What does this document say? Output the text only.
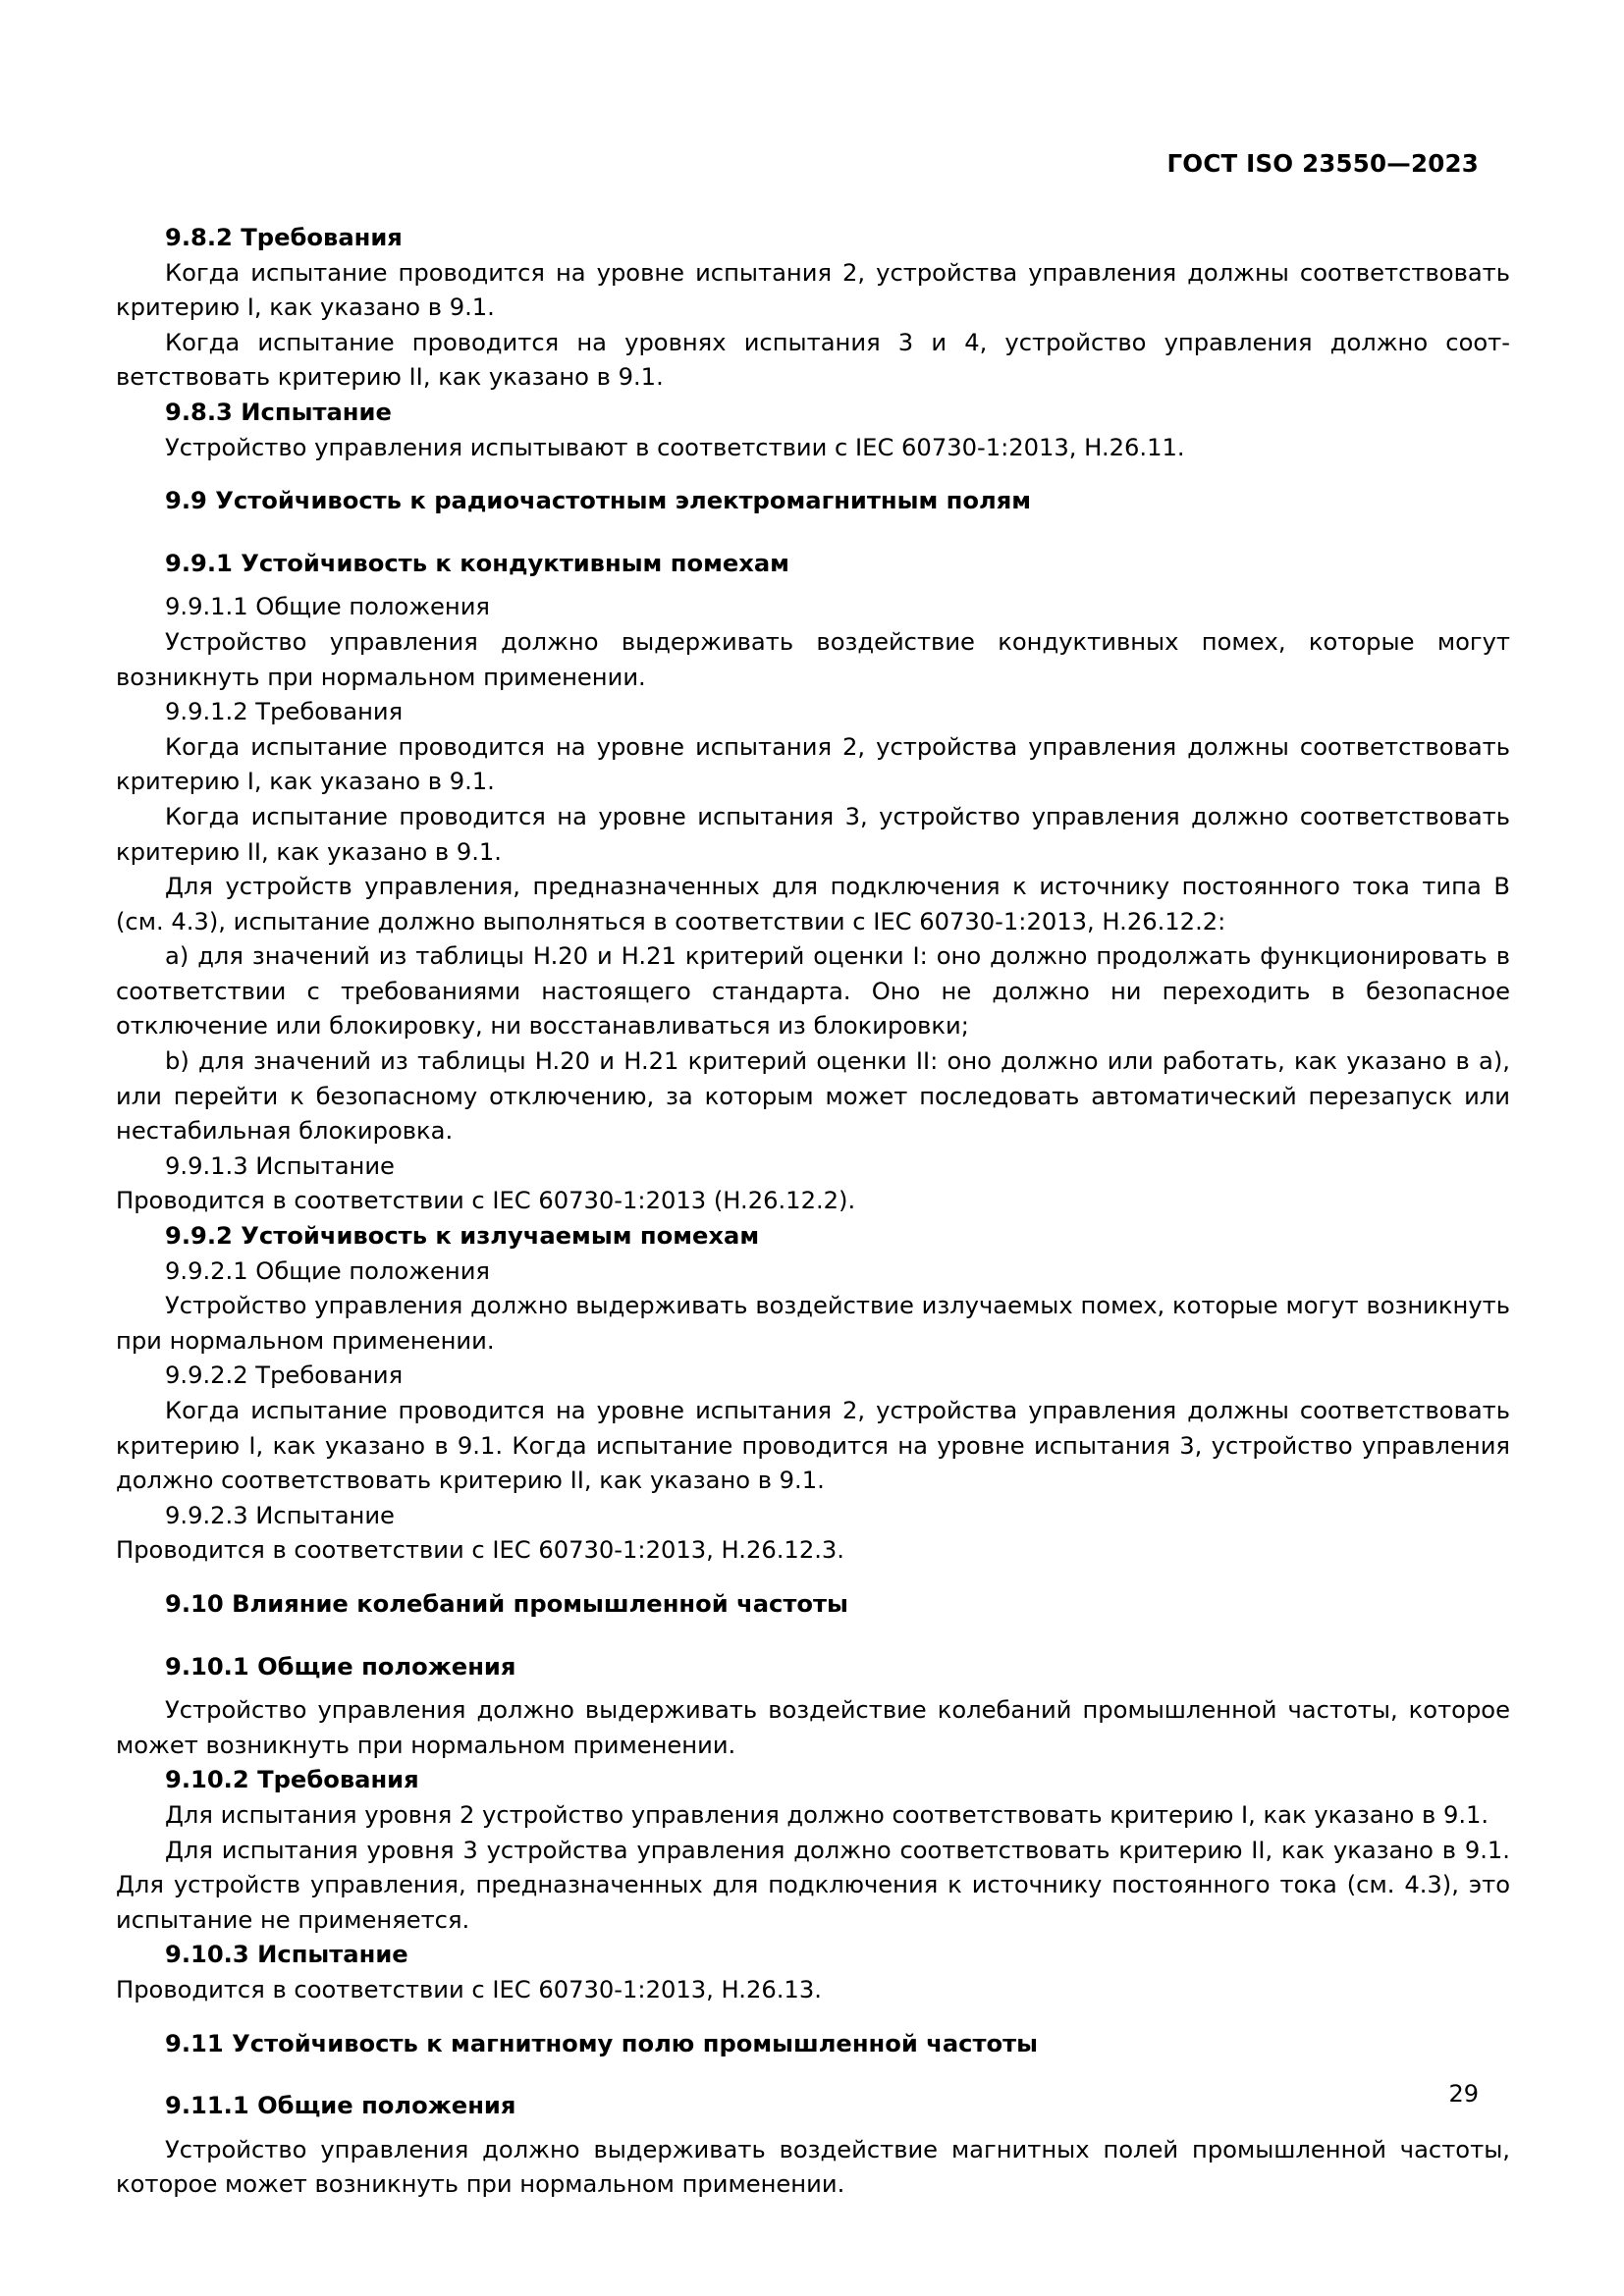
ГОСТ ISO 23550—2023

9.8.2 Требования

Когда испытание проводится на уровне испытания 2, устройства управления должны соответствовать критерию I, как указано в 9.1.

Когда испытание проводится на уровнях испытания 3 и 4, устройство управления должно соответствовать критерию II, как указано в 9.1.

9.8.3 Испытание

Устройство управления испытывают в соответствии с IEC 60730-1:2013, H.26.11.

9.9 Устойчивость к радиочастотным электромагнитным полям

9.9.1 Устойчивость к кондуктивным помехам

9.9.1.1 Общие положения

Устройство управления должно выдерживать воздействие кондуктивных помех, которые могут возникнуть при нормальном применении.

9.9.1.2 Требования

Когда испытание проводится на уровне испытания 2, устройства управления должны соответствовать критерию I, как указано в 9.1.

Когда испытание проводится на уровне испытания 3, устройство управления должно соответствовать критерию II, как указано в 9.1.

Для устройств управления, предназначенных для подключения к источнику постоянного тока типа B (см. 4.3), испытание должно выполняться в соответствии с IEC 60730-1:2013, H.26.12.2:

a) для значений из таблицы H.20 и H.21 критерий оценки I: оно должно продолжать функционировать в соответствии с требованиями настоящего стандарта. Оно не должно ни переходить в безопасное отключение или блокировку, ни восстанавливаться из блокировки;

b) для значений из таблицы H.20 и H.21 критерий оценки II: оно должно или работать, как указано в a), или перейти к безопасному отключению, за которым может последовать автоматический перезапуск или нестабильная блокировка.

9.9.1.3 Испытание

Проводится в соответствии с IEC 60730-1:2013 (H.26.12.2).

9.9.2 Устойчивость к излучаемым помехам

9.9.2.1 Общие положения

Устройство управления должно выдерживать воздействие излучаемых помех, которые могут возникнуть при нормальном применении.

9.9.2.2 Требования

Когда испытание проводится на уровне испытания 2, устройства управления должны соответствовать критерию I, как указано в 9.1. Когда испытание проводится на уровне испытания 3, устройство управления должно соответствовать критерию II, как указано в 9.1.

9.9.2.3 Испытание

Проводится в соответствии с IEC 60730-1:2013, H.26.12.3.

9.10 Влияние колебаний промышленной частоты

9.10.1 Общие положения

Устройство управления должно выдерживать воздействие колебаний промышленной частоты, которое может возникнуть при нормальном применении.

9.10.2 Требования

Для испытания уровня 2 устройство управления должно соответствовать критерию I, как указано в 9.1.

Для испытания уровня 3 устройства управления должно соответствовать критерию II, как указано в 9.1. Для устройств управления, предназначенных для подключения к источнику постоянного тока (см. 4.3), это испытание не применяется.

9.10.3 Испытание

Проводится в соответствии с IEC 60730-1:2013, H.26.13.

9.11 Устойчивость к магнитному полю промышленной частоты

9.11.1 Общие положения

Устройство управления должно выдерживать воздействие магнитных полей промышленной частоты, которое может возникнуть при нормальном применении.

29
